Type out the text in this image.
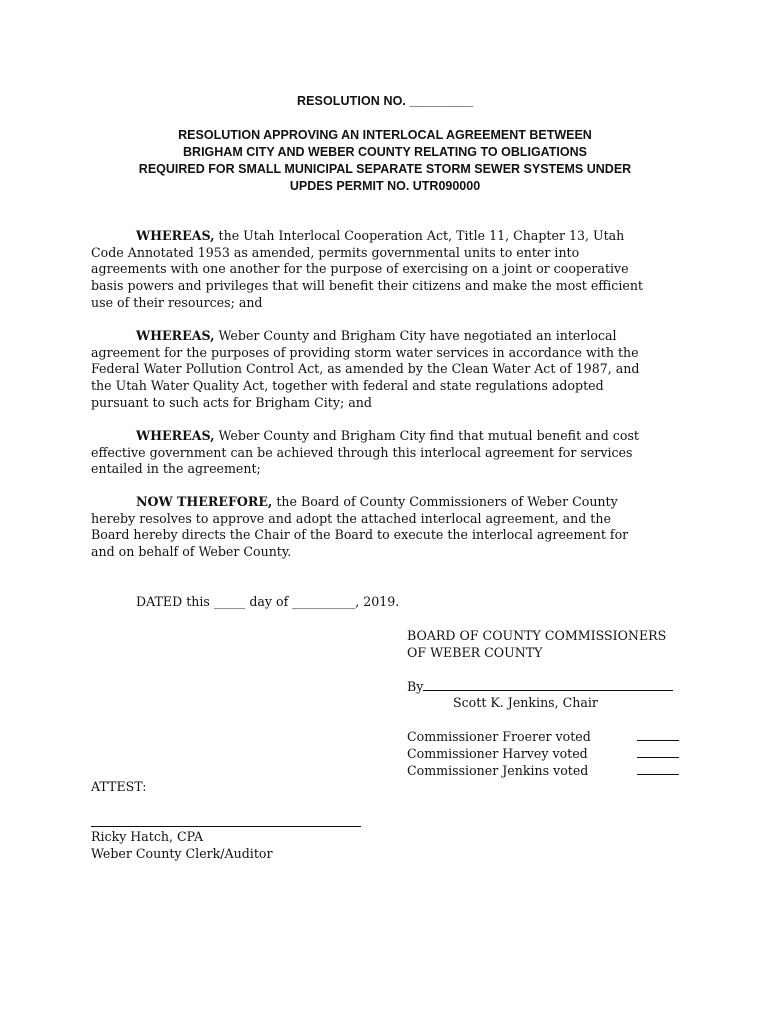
RESOLUTION NO. _________
RESOLUTION APPROVING AN INTERLOCAL AGREEMENT BETWEEN
BRIGHAM CITY AND WEBER COUNTY RELATING TO OBLIGATIONS
REQUIRED FOR SMALL MUNICIPAL SEPARATE STORM SEWER SYSTEMS UNDER
UPDES PERMIT NO. UTR090000
WHEREAS, the Utah Interlocal Cooperation Act, Title 11, Chapter 13, Utah
Code Annotated 1953 as amended, permits governmental units to enter into
agreements with one another for the purpose of exercising on a joint or cooperative
basis powers and privileges that will benefit their citizens and make the most efficient
use of their resources; and
WHEREAS, Weber County and Brigham City have negotiated an interlocal
agreement for the purposes of providing storm water services in accordance with the
Federal Water Pollution Control Act, as amended by the Clean Water Act of 1987, and
the Utah Water Quality Act, together with federal and state regulations adopted
pursuant to such acts for Brigham City; and
WHEREAS, Weber County and Brigham City find that mutual benefit and cost
effective government can be achieved through this interlocal agreement for services
entailed in the agreement;
NOW THEREFORE, the Board of County Commissioners of Weber County
hereby resolves to approve and adopt the attached interlocal agreement, and the
Board hereby directs the Chair of the Board to execute the interlocal agreement for
and on behalf of Weber County.
DATED this _____ day of __________, 2019.
BOARD OF COUNTY COMMISSIONERS
OF WEBER COUNTY
By
Scott K. Jenkins, Chair
Commissioner Froerer voted
Commissioner Harvey voted
Commissioner Jenkins voted
ATTEST:
Ricky Hatch, CPA
Weber County Clerk/Auditor
